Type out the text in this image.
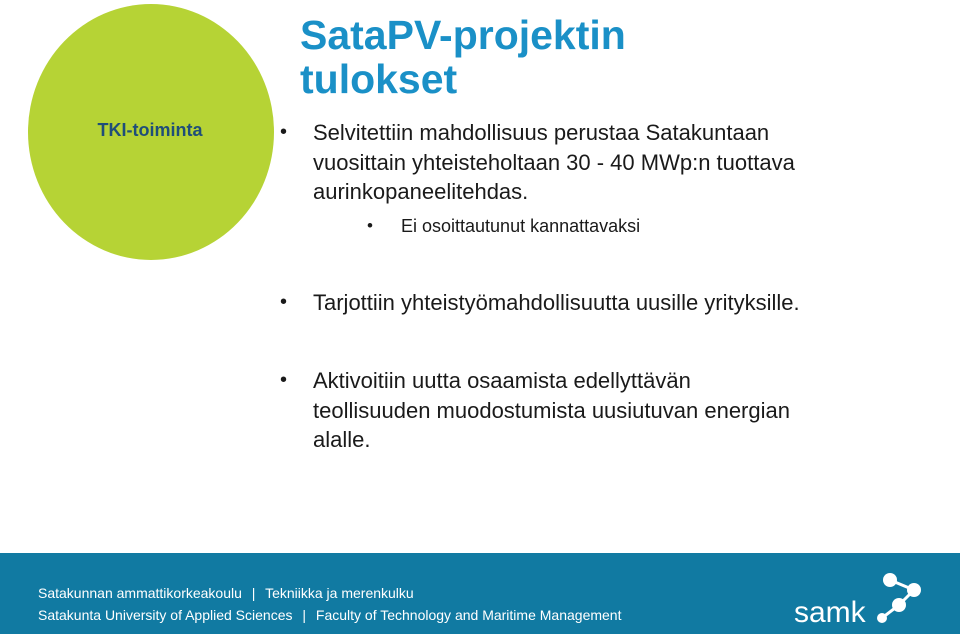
TKI-toiminta
SataPV-projektin
tulokset
• Selvitettiin mahdollisuus perustaa Satakuntaan
vuosittain yhteisteholtaan 30 - 40 MWp:n tuottava
aurinkopaneelitehdas.
• Ei osoittautunut kannattavaksi
• Tarjottiin yhteistyömahdollisuutta uusille yrityksille.
• Aktivoitiin uutta osaamista edellyttävän
teollisuuden muodostumista uusiutuvan energian
alalle.
Satakunnan ammattikorkeakoulu | Tekniikka ja merenkulku
Satakunta University of Applied Sciences | Faculty of Technology and Maritime Management	samk
